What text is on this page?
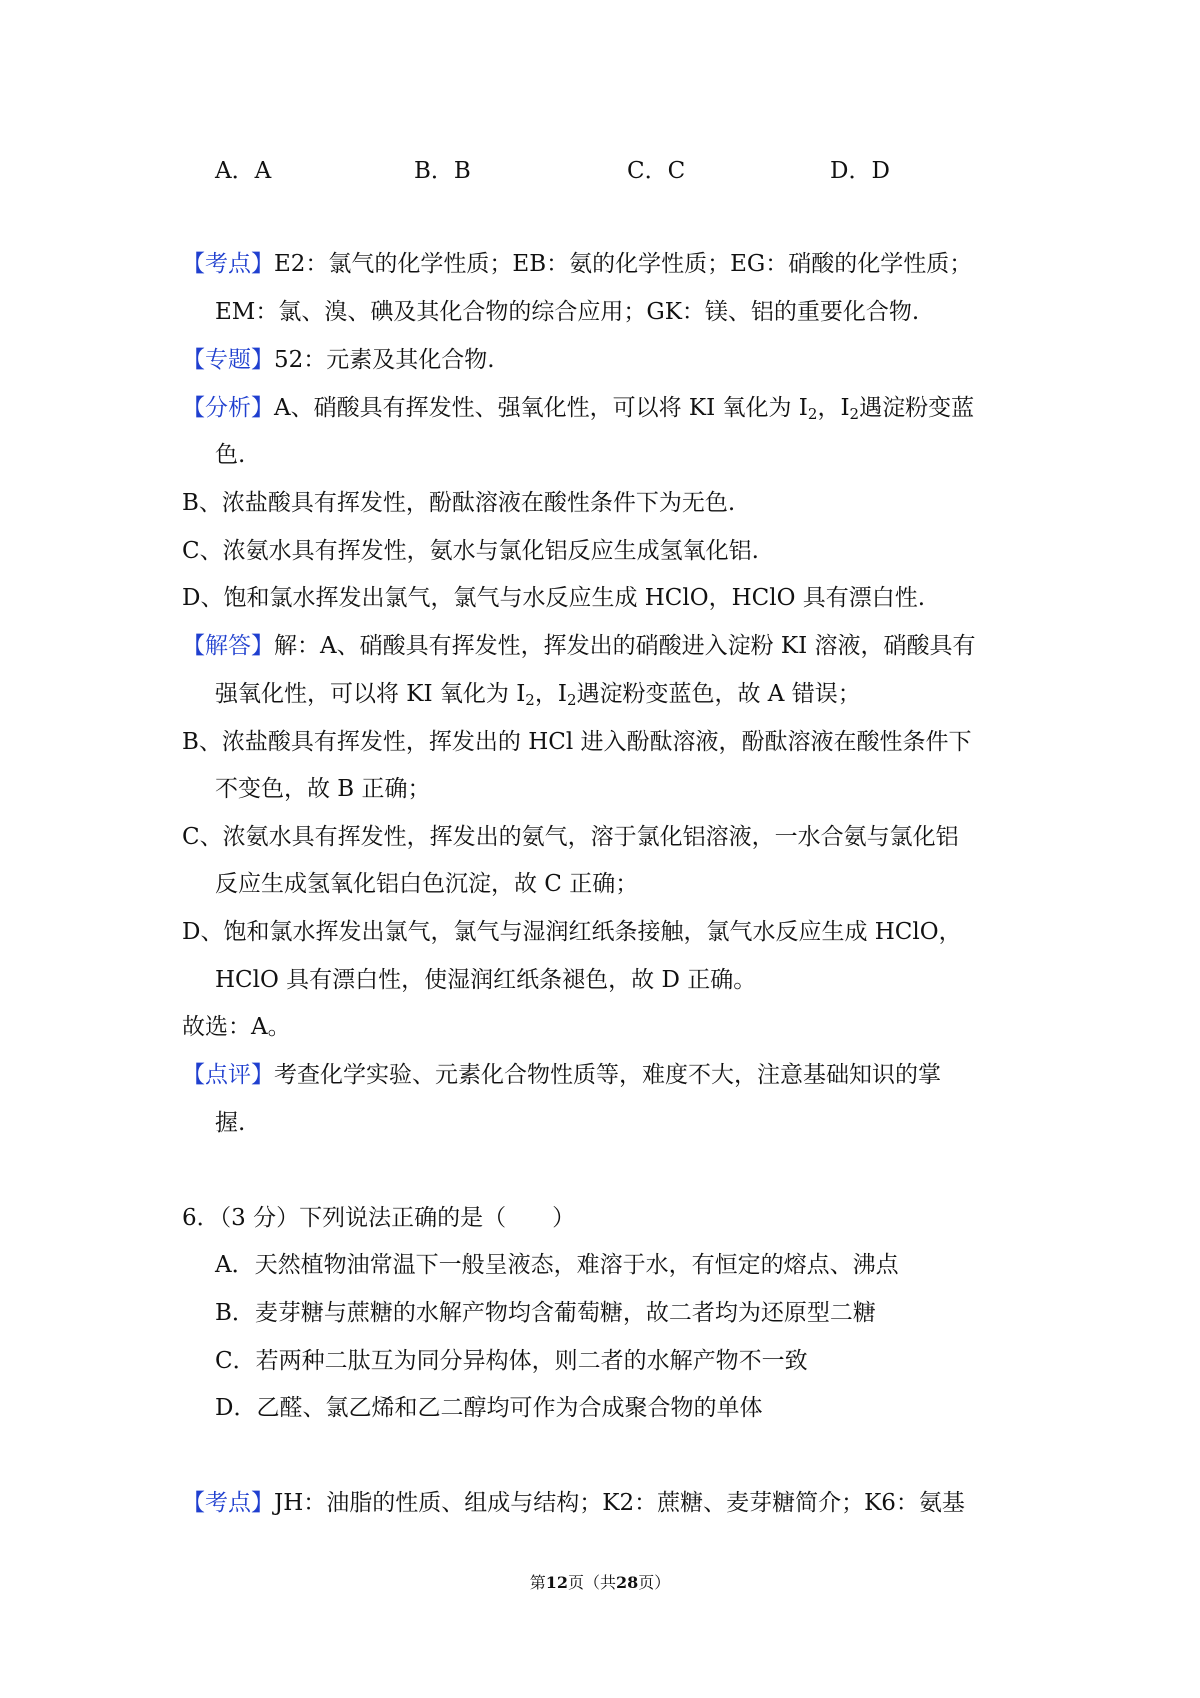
A．A	B．B	C．C	D．D
【考点】E2：氯气的化学性质；EB：氨的化学性质；EG：硝酸的化学性质；
EM：氯、溴、碘及其化合物的综合应用；GK：镁、铝的重要化合物.
【专题】52：元素及其化合物.
【分析】A、硝酸具有挥发性、强氧化性，可以将 KI 氧化为 $I_2$，$I_2$遇淀粉变蓝
色.
B、浓盐酸具有挥发性，酚酞溶液在酸性条件下为无色.
C、浓氨水具有挥发性，氨水与氯化铝反应生成氢氧化铝.
D、饱和氯水挥发出氯气，氯气与水反应生成 HClO，HClO 具有漂白性.
【解答】解：A、硝酸具有挥发性，挥发出的硝酸进入淀粉 KI 溶液，硝酸具有
强氧化性，可以将 KI 氧化为 $I_2$，$I_2$遇淀粉变蓝色，故 A 错误；
B、浓盐酸具有挥发性，挥发出的 HCl 进入酚酞溶液，酚酞溶液在酸性条件下
不变色，故 B 正确；
C、浓氨水具有挥发性，挥发出的氨气，溶于氯化铝溶液，一水合氨与氯化铝
反应生成氢氧化铝白色沉淀，故 C 正确；
D、饱和氯水挥发出氯气，氯气与湿润红纸条接触，氯气水反应生成 HClO，
HClO 具有漂白性，使湿润红纸条褪色，故 D 正确。
故选：A。
【点评】考查化学实验、元素化合物性质等，难度不大，注意基础知识的掌
握.
6．（3 分）下列说法正确的是（　　）
A．天然植物油常温下一般呈液态，难溶于水，有恒定的熔点、沸点
B．麦芽糖与蔗糖的水解产物均含葡萄糖，故二者均为还原型二糖
C．若两种二肽互为同分异构体，则二者的水解产物不一致
D．乙醛、氯乙烯和乙二醇均可作为合成聚合物的单体
【考点】JH：油脂的性质、组成与结构；K2：蔗糖、麦芽糖简介；K6：氨基
第12页（共28页）
